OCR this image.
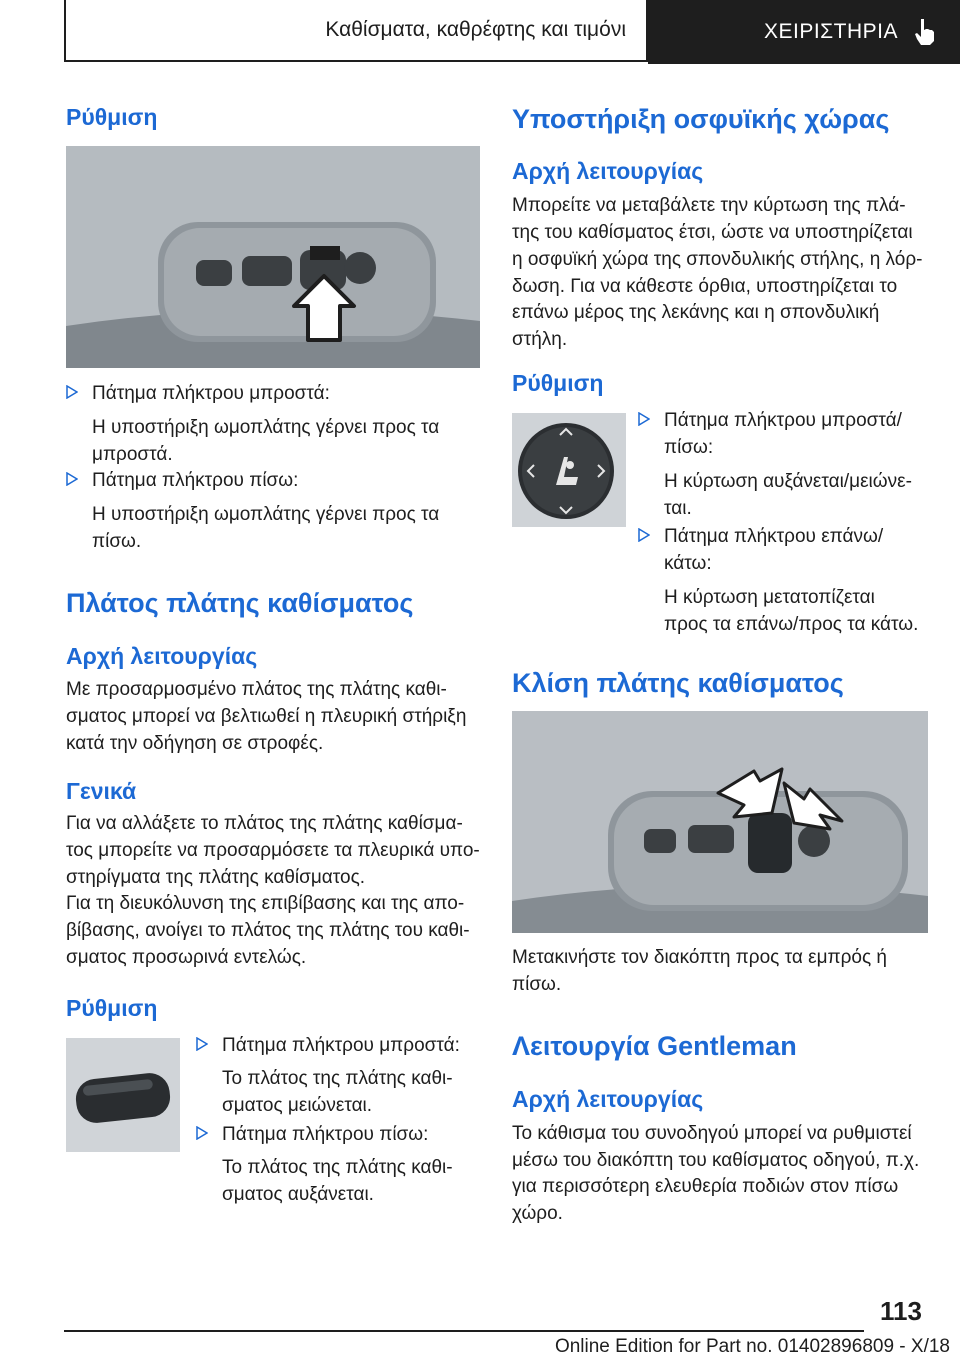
Καθίσματα, καθρέφτης και τιμόνι	ΧΕΙΡΙΣΤΗΡΙΑ
Ρύθμιση
Πάτημα πλήκτρου μπροστά:
Η υποστήριξη ωμοπλάτης γέρνει προς τα
μπροστά.
Πάτημα πλήκτρου πίσω:
Η υποστήριξη ωμοπλάτης γέρνει προς τα
πίσω.
Πλάτος πλάτης καθίσματος
Αρχή λειτουργίας
Με προσαρμοσμένο πλάτος της πλάτης καθι-
σματος μπορεί να βελτιωθεί η πλευρική στήριξη
κατά την οδήγηση σε στροφές.
Γενικά
Για να αλλάξετε το πλάτος της πλάτης καθίσμα-
τος μπορείτε να προσαρμόσετε τα πλευρικά υπο-
στηρίγματα της πλάτης καθίσματος.
Για τη διευκόλυνση της επιβίβασης και της απο-
βίβασης, ανοίγει το πλάτος της πλάτης του καθι-
σματος προσωρινά εντελώς.
Ρύθμιση
Πάτημα πλήκτρου μπροστά:
Το πλάτος της πλάτης καθι-
σματος μειώνεται.
Πάτημα πλήκτρου πίσω:
Το πλάτος της πλάτης καθι-
σματος αυξάνεται.
Υποστήριξη οσφυϊκής χώρας
Αρχή λειτουργίας
Μπορείτε να μεταβάλετε την κύρτωση της πλά-
της του καθίσματος έτσι, ώστε να υποστηρίζεται
η οσφυϊκή χώρα της σπονδυλικής στήλης, η λόρ-
δωση. Για να κάθεστε όρθια, υποστηρίζεται το
επάνω μέρος της λεκάνης και η σπονδυλική
στήλη.
Ρύθμιση
Πάτημα πλήκτρου μπροστά/
πίσω:
Η κύρτωση αυξάνεται/μειώνε-
ται.
Πάτημα πλήκτρου επάνω/
κάτω:
Η κύρτωση μετατοπίζεται
προς τα επάνω/προς τα κάτω.
Κλίση πλάτης καθίσματος
Μετακινήστε τον διακόπτη προς τα εμπρός ή
πίσω.
Λειτουργία Gentleman
Αρχή λειτουργίας
Το κάθισμα του συνοδηγού μπορεί να ρυθμιστεί
μέσω του διακόπτη του καθίσματος οδηγού, π.χ.
για περισσότερη ελευθερία ποδιών στον πίσω
χώρο.
113
Online Edition for Part no. 01402896809 - X/18
